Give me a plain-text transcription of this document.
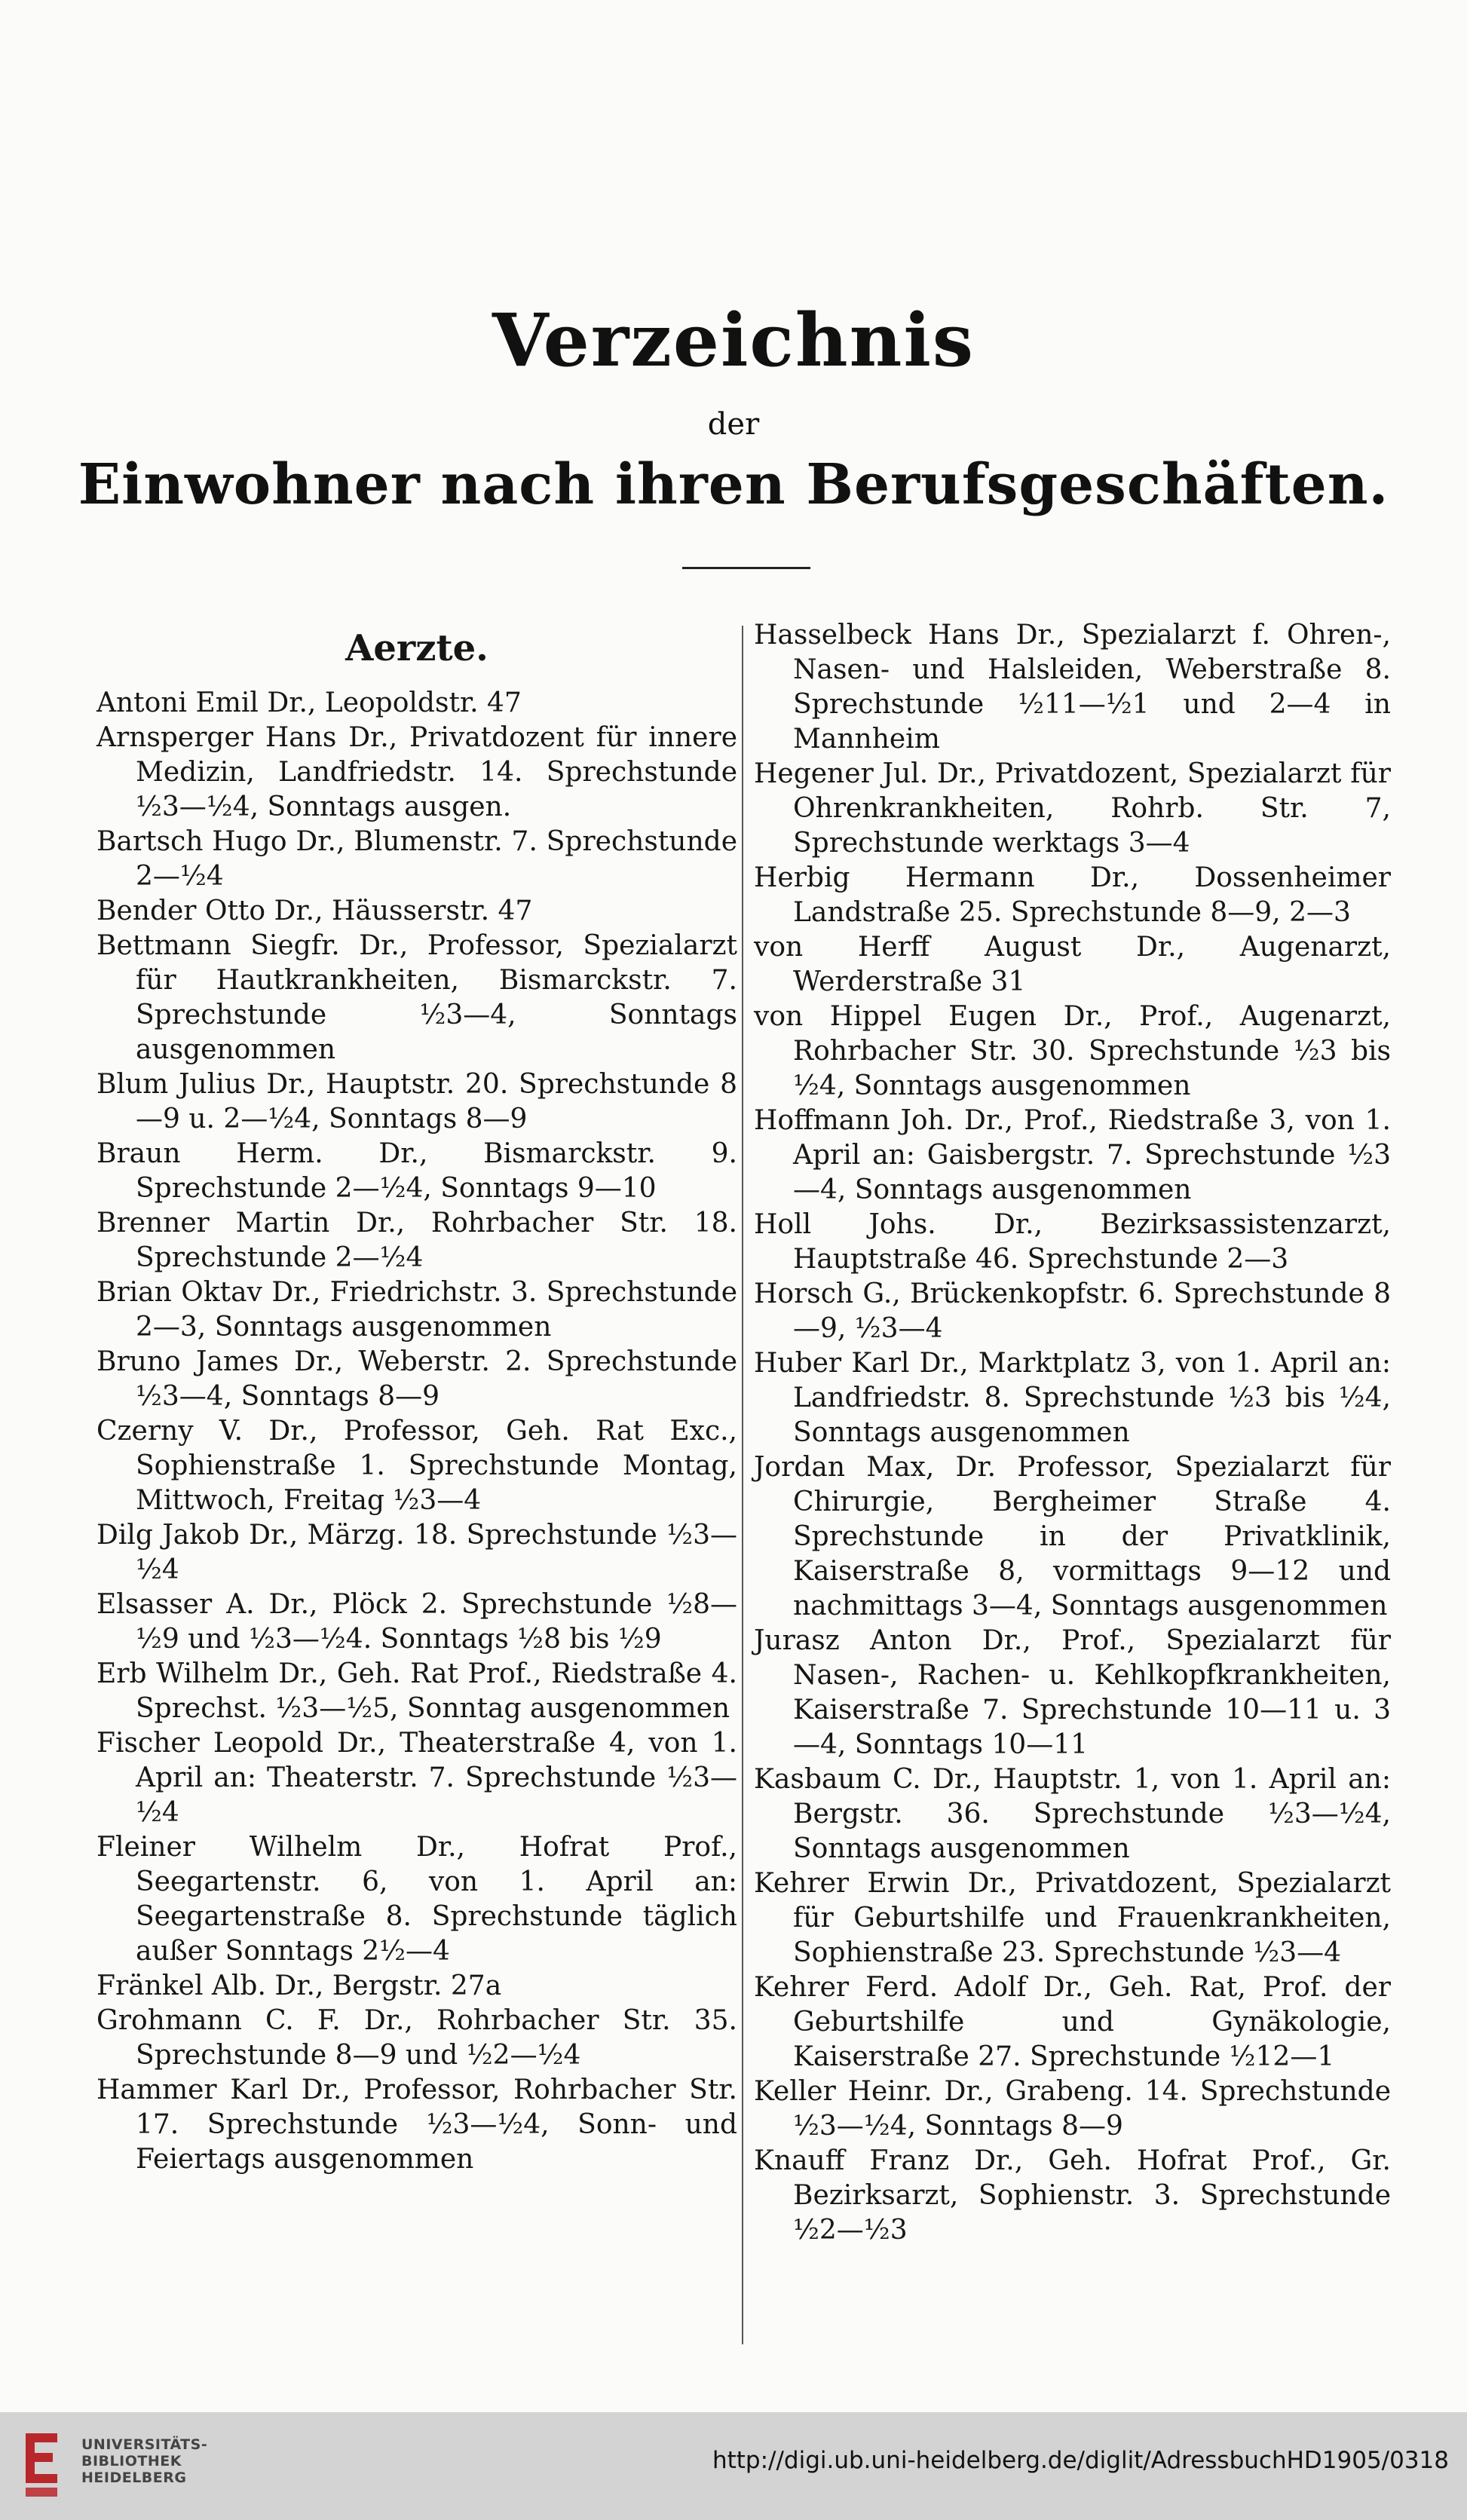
Verzeichnis
der
Einwohner nach ihren Berufsgeschäften.
Aerzte.

Antoni Emil Dr., Leopoldstr. 47

Arnsperger Hans Dr., Privatdozent für innere Medizin, Landfriedstr. 14. Sprechstunde ½3—½4, Sonntags ausgen.

Bartsch Hugo Dr., Blumenstr. 7. Sprechstunde 2—½4

Bender Otto Dr., Häusserstr. 47

Bettmann Siegfr. Dr., Professor, Spezialarzt für Hautkrankheiten, Bismarckstr. 7. Sprechstunde ½3—4, Sonntags ausgenommen

Blum Julius Dr., Hauptstr. 20. Sprechstunde 8—9 u. 2—½4, Sonntags 8—9

Braun Herm. Dr., Bismarckstr. 9. Sprechstunde 2—½4, Sonntags 9—10

Brenner Martin Dr., Rohrbacher Str. 18. Sprechstunde 2—½4

Brian Oktav Dr., Friedrichstr. 3. Sprechstunde 2—3, Sonntags ausgenommen

Bruno James Dr., Weberstr. 2. Sprechstunde ½3—4, Sonntags 8—9

Czerny V. Dr., Professor, Geh. Rat Exc., Sophienstraße 1. Sprechstunde Montag, Mittwoch, Freitag ½3—4

Dilg Jakob Dr., Märzg. 18. Sprechstunde ½3—½4

Elsasser A. Dr., Plöck 2. Sprechstunde ½8—½9 und ½3—½4. Sonntags ½8 bis ½9

Erb Wilhelm Dr., Geh. Rat Prof., Riedstraße 4. Sprechst. ½3—½5, Sonntag ausgenommen

Fischer Leopold Dr., Theaterstraße 4, von 1. April an: Theaterstr. 7. Sprechstunde ½3—½4

Fleiner Wilhelm Dr., Hofrat Prof., Seegartenstr. 6, von 1. April an: Seegartenstraße 8. Sprechstunde täglich außer Sonntags 2½—4

Fränkel Alb. Dr., Bergstr. 27a

Grohmann C. F. Dr., Rohrbacher Str. 35. Sprechstunde 8—9 und ½2—½4

Hammer Karl Dr., Professor, Rohrbacher Str. 17. Sprechstunde ½3—½4, Sonn- und Feiertags ausgenommen

Hasselbeck Hans Dr., Spezialarzt f. Ohren-, Nasen- und Halsleiden, Weberstraße 8. Sprechstunde ½11—½1 und 2—4 in Mannheim

Hegener Jul. Dr., Privatdozent, Spezialarzt für Ohrenkrankheiten, Rohrb. Str. 7, Sprechstunde werktags 3—4

Herbig Hermann Dr., Dossenheimer Landstraße 25. Sprechstunde 8—9, 2—3

von Herff August Dr., Augenarzt, Werderstraße 31

von Hippel Eugen Dr., Prof., Augenarzt, Rohrbacher Str. 30. Sprechstunde ½3 bis ½4, Sonntags ausgenommen

Hoffmann Joh. Dr., Prof., Riedstraße 3, von 1. April an: Gaisbergstr. 7. Sprechstunde ½3—4, Sonntags ausgenommen

Holl Johs. Dr., Bezirksassistenzarzt, Hauptstraße 46. Sprechstunde 2—3

Horsch G., Brückenkopfstr. 6. Sprechstunde 8—9, ½3—4

Huber Karl Dr., Marktplatz 3, von 1. April an: Landfriedstr. 8. Sprechstunde ½3 bis ½4, Sonntags ausgenommen

Jordan Max, Dr. Professor, Spezialarzt für Chirurgie, Bergheimer Straße 4. Sprechstunde in der Privatklinik, Kaiserstraße 8, vormittags 9—12 und nachmittags 3—4, Sonntags ausgenommen

Jurasz Anton Dr., Prof., Spezialarzt für Nasen-, Rachen- u. Kehlkopfkrankheiten, Kaiserstraße 7. Sprechstunde 10—11 u. 3—4, Sonntags 10—11

Kasbaum C. Dr., Hauptstr. 1, von 1. April an: Bergstr. 36. Sprechstunde ½3—½4, Sonntags ausgenommen

Kehrer Erwin Dr., Privatdozent, Spezialarzt für Geburtshilfe und Frauenkrankheiten, Sophienstraße 23. Sprechstunde ½3—4

Kehrer Ferd. Adolf Dr., Geh. Rat, Prof. der Geburtshilfe und Gynäkologie, Kaiserstraße 27. Sprechstunde ½12—1

Keller Heinr. Dr., Grabeng. 14. Sprechstunde ½3—½4, Sonntags 8—9

Knauff Franz Dr., Geh. Hofrat Prof., Gr. Bezirksarzt, Sophienstr. 3. Sprechstunde ½2—½3

UNIVERSITÄTS-
BIBLIOTHEK
HEIDELBERG
http://digi.ub.uni-heidelberg.de/diglit/AdressbuchHD1905/0318
